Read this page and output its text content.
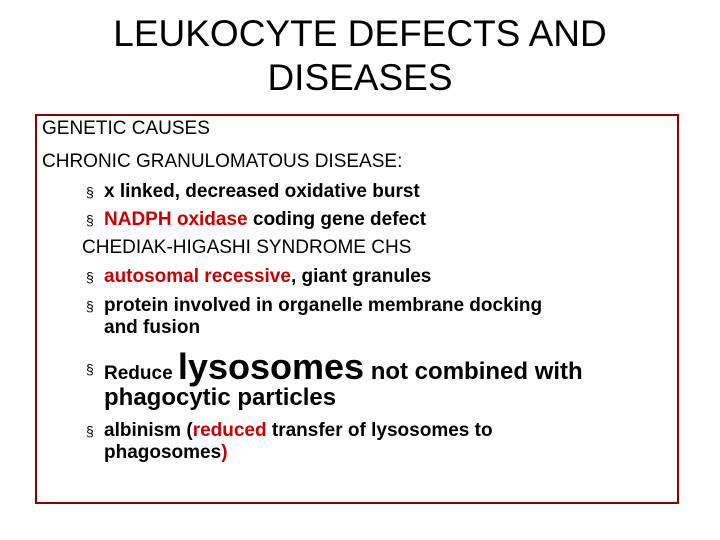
LEUKOCYTE DEFECTS AND
DISEASES
GENETIC CAUSES
CHRONIC GRANULOMATOUS DISEASE:
§ x linked, decreased oxidative burst
§ NADPH oxidase coding gene defect
CHEDIAK-HIGASHI SYNDROME CHS
§ autosomal recessive, giant granules
§ protein involved in organelle membrane docking
and fusion
§ Reduce lysosomes not combined with
phagocytic particles
§ albinism (reduced transfer of lysosomes to
phagosomes)
